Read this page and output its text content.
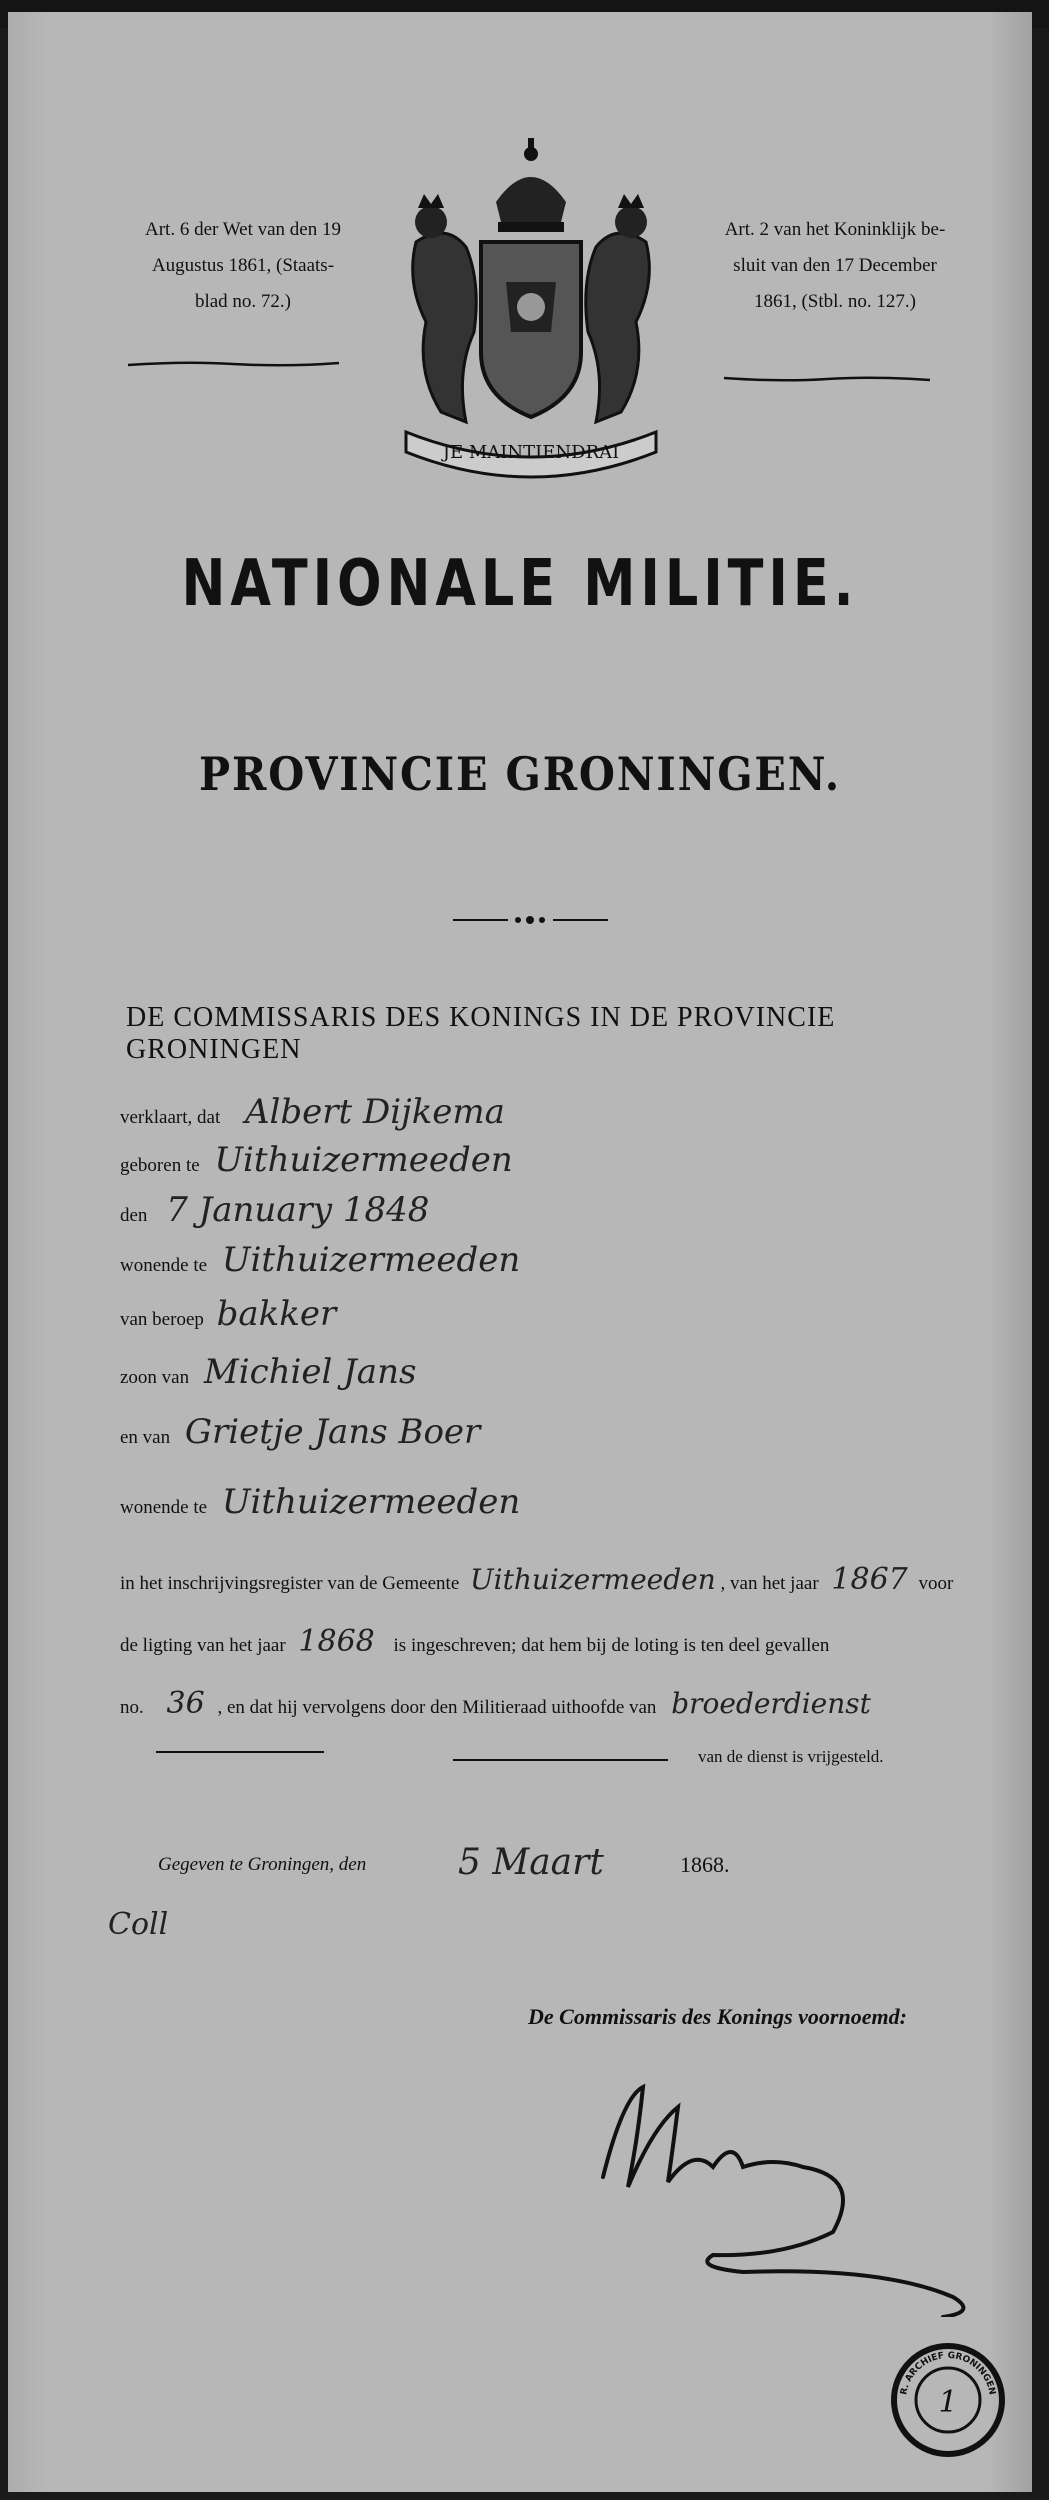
Art. 6 der Wet van den 19
Augustus 1861, (Staats-
blad no. 72.)
JE MAINTIENDRAI
Art. 2 van het Koninklijk be-
sluit van den 17 December
1861, (Stbl. no. 127.)
NATIONALE MILITIE.
PROVINCIE GRONINGEN.
DE COMMISSARIS DES KONINGS IN DE PROVINCIE GRONINGEN
verklaart, dat Albert Dijkema
geboren te Uithuizermeeden
den 7 January 1848
wonende te Uithuizermeeden
van beroep bakker
zoon van Michiel Jans
en van Grietje Jans Boer
wonende te Uithuizermeeden
in het inschrijvingsregister van de Gemeente Uithuizermeeden , van het jaar 1867 voor
de ligting van het jaar 1868 is ingeschreven; dat hem bij de loting is ten deel gevallen
no. 36 , en dat hij vervolgens door den Militieraad uithoofde van broederdienst
van de dienst is vrijgesteld.
Gegeven te Groningen, den	5 Maart	1868.
Coll
De Commissaris des Konings voornoemd:
R. ARCHIEF GRONINGEN
1
